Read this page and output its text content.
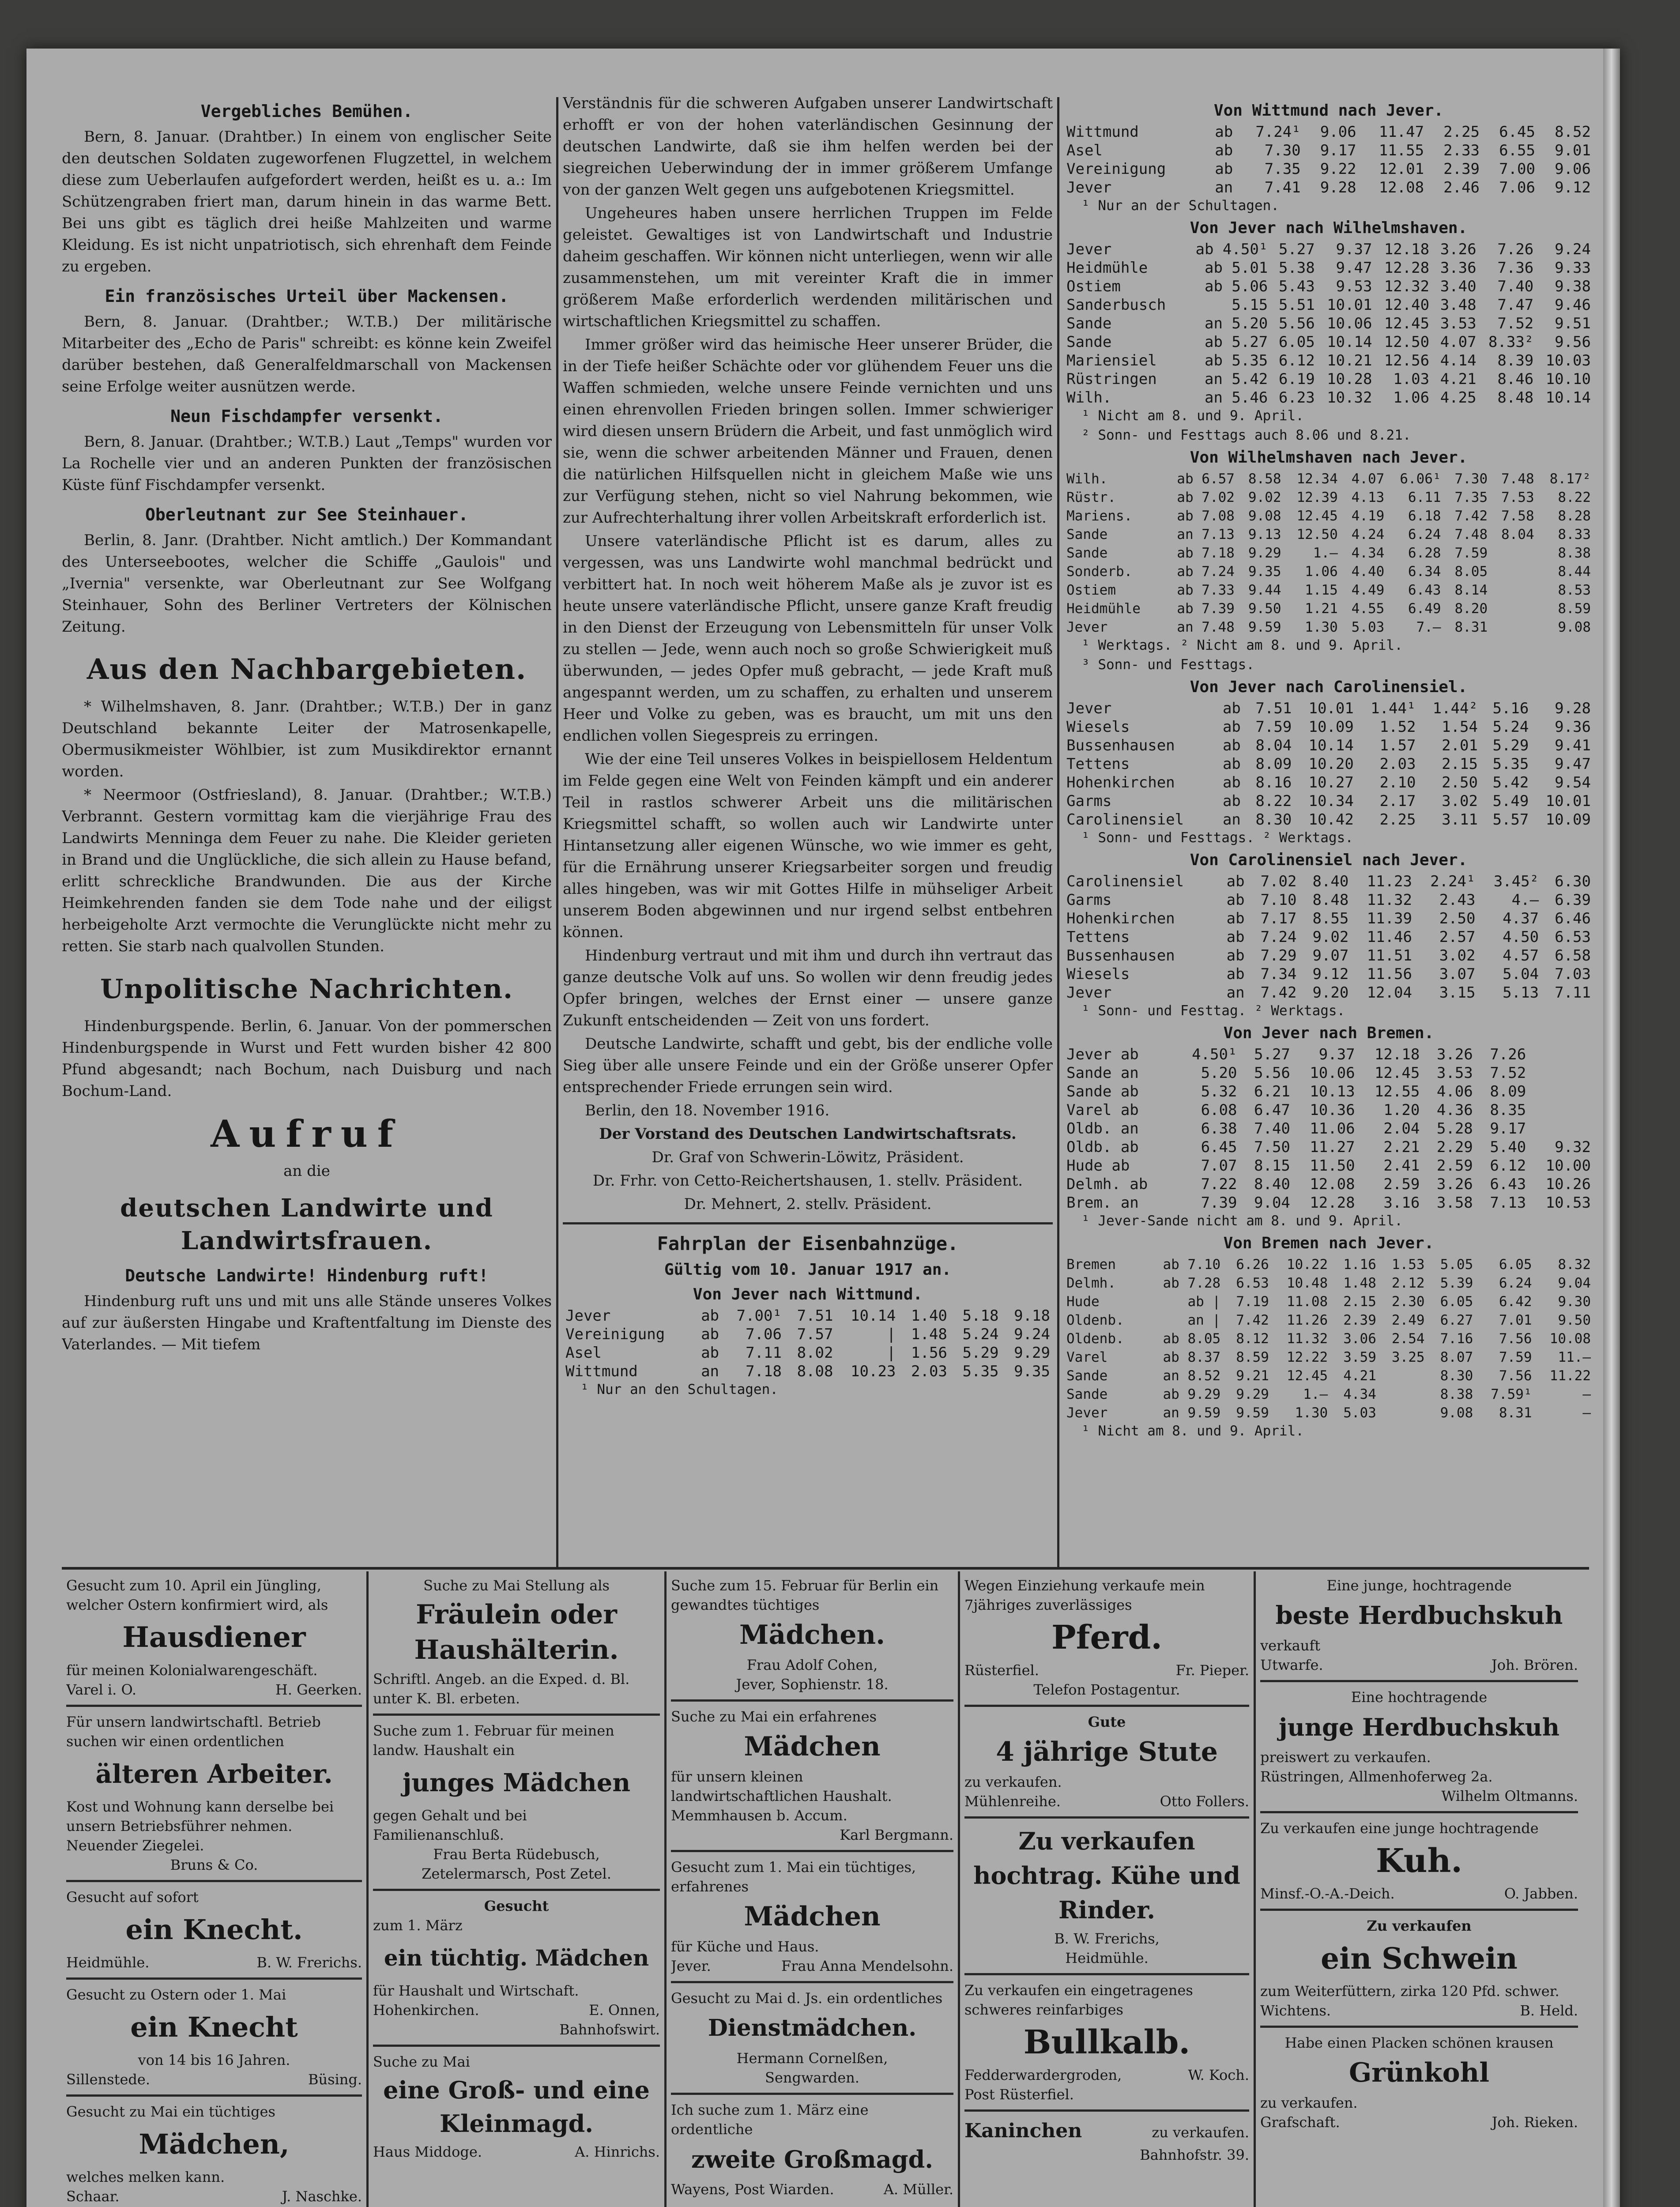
Vergebliches Bemühen.

Bern, 8. Januar. (Drahtber.) In einem von englischer Seite den deutschen Soldaten zugeworfenen Flugzettel, in welchem diese zum Ueberlaufen aufgefordert werden, heißt es u. a.: Im Schützengraben friert man, darum hinein in das warme Bett. Bei uns gibt es täglich drei heiße Mahlzeiten und warme Kleidung. Es ist nicht unpatriotisch, sich ehrenhaft dem Feinde zu ergeben.

Ein französisches Urteil über Mackensen.

Bern, 8. Januar. (Drahtber.; W.T.B.) Der militärische Mitarbeiter des „Echo de Paris" schreibt: es könne kein Zweifel darüber bestehen, daß Generalfeldmarschall von Mackensen seine Erfolge weiter ausnützen werde.

Neun Fischdampfer versenkt.

Bern, 8. Januar. (Drahtber.; W.T.B.) Laut „Temps" wurden vor La Rochelle vier und an anderen Punkten der französischen Küste fünf Fischdampfer versenkt.

Oberleutnant zur See Steinhauer.

Berlin, 8. Janr. (Drahtber. Nicht amtlich.) Der Kommandant des Unterseebootes, welcher die Schiffe „Gaulois" und „Ivernia" versenkte, war Oberleutnant zur See Wolfgang Steinhauer, Sohn des Berliner Vertreters der Kölnischen Zeitung.

Aus den Nachbargebieten.

* Wilhelmshaven, 8. Janr. (Drahtber.; W.T.B.) Der in ganz Deutschland bekannte Leiter der Matrosenkapelle, Obermusikmeister Wöhlbier, ist zum Musikdirektor ernannt worden.

* Neermoor (Ostfriesland), 8. Januar. (Drahtber.; W.T.B.) Verbrannt. Gestern vormittag kam die vierjährige Frau des Landwirts Menninga dem Feuer zu nahe. Die Kleider gerieten in Brand und die Unglückliche, die sich allein zu Hause befand, erlitt schreckliche Brandwunden. Die aus der Kirche Heimkehrenden fanden sie dem Tode nahe und der eiligst herbeigeholte Arzt vermochte die Verunglückte nicht mehr zu retten. Sie starb nach qualvollen Stunden.

Unpolitische Nachrichten.

Hindenburgspende. Berlin, 6. Januar. Von der pommerschen Hindenburgspende in Wurst und Fett wurden bisher 42 800 Pfund abgesandt; nach Bochum, nach Duisburg und nach Bochum-Land.

Aufruf
an die
deutschen Landwirte und Landwirtsfrauen.
Deutsche Landwirte! Hindenburg ruft!

Hindenburg ruft uns und mit uns alle Stände unseres Volkes auf zur äußersten Hingabe und Kraftentfaltung im Dienste des Vaterlandes. — Mit tiefem

Verständnis für die schweren Aufgaben unserer Landwirtschaft erhofft er von der hohen vaterländischen Gesinnung der deutschen Landwirte, daß sie ihm helfen werden bei der siegreichen Ueberwindung der in immer größerem Umfange von der ganzen Welt gegen uns aufgebotenen Kriegsmittel.

Ungeheures haben unsere herrlichen Truppen im Felde geleistet. Gewaltiges ist von Landwirtschaft und Industrie daheim geschaffen. Wir können nicht unterliegen, wenn wir alle zusammenstehen, um mit vereinter Kraft die in immer größerem Maße erforderlich werdenden militärischen und wirtschaftlichen Kriegsmittel zu schaffen.

Immer größer wird das heimische Heer unserer Brüder, die in der Tiefe heißer Schächte oder vor glühendem Feuer uns die Waffen schmieden, welche unsere Feinde vernichten und uns einen ehrenvollen Frieden bringen sollen. Immer schwieriger wird diesen unsern Brüdern die Arbeit, und fast unmöglich wird sie, wenn die schwer arbeitenden Männer und Frauen, denen die natürlichen Hilfsquellen nicht in gleichem Maße wie uns zur Verfügung stehen, nicht so viel Nahrung bekommen, wie zur Aufrechterhaltung ihrer vollen Arbeitskraft erforderlich ist.

Unsere vaterländische Pflicht ist es darum, alles zu vergessen, was uns Landwirte wohl manchmal bedrückt und verbittert hat. In noch weit höherem Maße als je zuvor ist es heute unsere vaterländische Pflicht, unsere ganze Kraft freudig in den Dienst der Erzeugung von Lebensmitteln für unser Volk zu stellen — Jede, wenn auch noch so große Schwierigkeit muß überwunden, — jedes Opfer muß gebracht, — jede Kraft muß angespannt werden, um zu schaffen, zu erhalten und unserem Heer und Volke zu geben, was es braucht, um mit uns den endlichen vollen Siegespreis zu erringen.

Wie der eine Teil unseres Volkes in beispiellosem Heldentum im Felde gegen eine Welt von Feinden kämpft und ein anderer Teil in rastlos schwerer Arbeit uns die militärischen Kriegsmittel schafft, so wollen auch wir Landwirte unter Hintansetzung aller eigenen Wünsche, wo wie immer es geht, für die Ernährung unserer Kriegsarbeiter sorgen und freudig alles hingeben, was wir mit Gottes Hilfe in mühseliger Arbeit unserem Boden abgewinnen und nur irgend selbst entbehren können.

Hindenburg vertraut und mit ihm und durch ihn vertraut das ganze deutsche Volk auf uns. So wollen wir denn freudig jedes Opfer bringen, welches der Ernst einer — unsere ganze Zukunft entscheidenden — Zeit von uns fordert.

Deutsche Landwirte, schafft und gebt, bis der endliche volle Sieg über alle unsere Feinde und ein der Größe unserer Opfer entsprechender Friede errungen sein wird.

Berlin, den 18. November 1916.

Der Vorstand des Deutschen Landwirtschaftsrats.
Dr. Graf von Schwerin-Löwitz, Präsident.
Dr. Frhr. von Cetto-Reichertshausen, 1. stellv. Präsident.
Dr. Mehnert, 2. stellv. Präsident.
Fahrplan der Eisenbahnzüge.
Gültig vom 10. Januar 1917 an.
Von Jever nach Wittmund.
Jever	ab	7.00¹	7.51	10.14	1.40	5.18	9.18
Vereinigung	ab	7.06	7.57	|	1.48	5.24	9.24
Asel	ab	7.11	8.02	|	1.56	5.29	9.29
Wittmund	an	7.18	8.08	10.23	2.03	5.35	9.35
¹ Nur an den Schultagen.
Von Wittmund nach Jever.
Wittmund	ab	7.24¹	9.06	11.47	2.25	6.45	8.52
Asel	ab	7.30	9.17	11.55	2.33	6.55	9.01
Vereinigung	ab	7.35	9.22	12.01	2.39	7.00	9.06
Jever	an	7.41	9.28	12.08	2.46	7.06	9.12
¹ Nur an der Schultagen.
Von Jever nach Wilhelmshaven.
Jever	ab 4.50¹	5.27	9.37	12.18	3.26	7.26	9.24
Heidmühle	ab 5.01	5.38	9.47	12.28	3.36	7.36	9.33
Ostiem	ab 5.06	5.43	9.53	12.32	3.40	7.40	9.38
Sanderbusch	5.15	5.51	10.01	12.40	3.48	7.47	9.46
Sande	an 5.20	5.56	10.06	12.45	3.53	7.52	9.51
Sande	ab 5.27	6.05	10.14	12.50	4.07	8.33²	9.56
Mariensiel	ab 5.35	6.12	10.21	12.56	4.14	8.39	10.03
Rüstringen	an 5.42	6.19	10.28	1.03	4.21	8.46	10.10
Wilh.	an 5.46	6.23	10.32	1.06	4.25	8.48	10.14
¹ Nicht am 8. und 9. April.
² Sonn- und Festtags auch 8.06 und 8.21.
Von Wilhelmshaven nach Jever.
Wilh.	ab 6.57	8.58	12.34	4.07	6.06¹	7.30	7.48	8.17²
Rüstr.	ab 7.02	9.02	12.39	4.13	6.11	7.35	7.53	8.22
Mariens.	ab 7.08	9.08	12.45	4.19	6.18	7.42	7.58	8.28
Sande	an 7.13	9.13	12.50	4.24	6.24	7.48	8.04	8.33
Sande	ab 7.18	9.29	1.—	4.34	6.28	7.59		8.38
Sonderb.	ab 7.24	9.35	1.06	4.40	6.34	8.05		8.44
Ostiem	ab 7.33	9.44	1.15	4.49	6.43	8.14		8.53
Heidmühle	ab 7.39	9.50	1.21	4.55	6.49	8.20		8.59
Jever	an 7.48	9.59	1.30	5.03	7.—	8.31		9.08
¹ Werktags. ² Nicht am 8. und 9. April.
³ Sonn- und Festtags.
Von Jever nach Carolinensiel.
Jever	ab	7.51	10.01	1.44¹	1.44²	5.16	9.28
Wiesels	ab	7.59	10.09	1.52	1.54	5.24	9.36
Bussenhausen	ab	8.04	10.14	1.57	2.01	5.29	9.41
Tettens	ab	8.09	10.20	2.03	2.15	5.35	9.47
Hohenkirchen	ab	8.16	10.27	2.10	2.50	5.42	9.54
Garms	ab	8.22	10.34	2.17	3.02	5.49	10.01
Carolinensiel	an	8.30	10.42	2.25	3.11	5.57	10.09
¹ Sonn- und Festtags. ² Werktags.
Von Carolinensiel nach Jever.
Carolinensiel	ab	7.02	8.40	11.23	2.24¹	3.45²	6.30
Garms	ab	7.10	8.48	11.32	2.43	4.—	6.39
Hohenkirchen	ab	7.17	8.55	11.39	2.50	4.37	6.46
Tettens	ab	7.24	9.02	11.46	2.57	4.50	6.53
Bussenhausen	ab	7.29	9.07	11.51	3.02	4.57	6.58
Wiesels	ab	7.34	9.12	11.56	3.07	5.04	7.03
Jever	an	7.42	9.20	12.04	3.15	5.13	7.11
¹ Sonn- und Festtag. ² Werktags.
Von Jever nach Bremen.
Jever ab	4.50¹	5.27	9.37	12.18	3.26	7.26	
Sande an	5.20	5.56	10.06	12.45	3.53	7.52	
Sande ab	5.32	6.21	10.13	12.55	4.06	8.09	
Varel ab	6.08	6.47	10.36	1.20	4.36	8.35	
Oldb. an	6.38	7.40	11.06	2.04	5.28	9.17	
Oldb. ab	6.45	7.50	11.27	2.21	2.29	5.40	9.32
Hude ab	7.07	8.15	11.50	2.41	2.59	6.12	10.00
Delmh. ab	7.22	8.40	12.08	2.59	3.26	6.43	10.26
Brem. an	7.39	9.04	12.28	3.16	3.58	7.13	10.53
¹ Jever-Sande nicht am 8. und 9. April.
Von Bremen nach Jever.
Bremen	ab 7.10	6.26	10.22	1.16	1.53	5.05	6.05	8.32
Delmh.	ab 7.28	6.53	10.48	1.48	2.12	5.39	6.24	9.04
Hude	ab |	7.19	11.08	2.15	2.30	6.05	6.42	9.30
Oldenb.	an |	7.42	11.26	2.39	2.49	6.27	7.01	9.50
Oldenb.	ab 8.05	8.12	11.32	3.06	2.54	7.16	7.56	10.08
Varel	ab 8.37	8.59	12.22	3.59	3.25	8.07	7.59	11.—
Sande	an 8.52	9.21	12.45	4.21		8.30	7.56	11.22
Sande	ab 9.29	9.29	1.—	4.34		8.38	7.59¹	—
Jever	an 9.59	9.59	1.30	5.03		9.08	8.31	—
¹ Nicht am 8. und 9. April.

Gesucht zum 10. April ein Jüngling, welcher Ostern konfirmiert wird, als

Hausdiener

für meinen Kolonialwarengeschäft.

Varel i. O.	H. Geerken.

Für unsern landwirtschaftl. Betrieb suchen wir einen ordentlichen

älteren Arbeiter.

Kost und Wohnung kann derselbe bei unsern Betriebsführer nehmen.

Neuender Ziegelei.

Bruns & Co.

Gesucht auf sofort

ein Knecht.
Heidmühle.	B. W. Frerichs.

Gesucht zu Ostern oder 1. Mai

ein Knecht

von 14 bis 16 Jahren.

Sillenstede.	Büsing.

Gesucht zu Mai ein tüchtiges

Mädchen,

welches melken kann.

Schaar.	J. Naschke.

Suche zu Mai Stellung als

Fräulein oder Haushälterin.

Schriftl. Angeb. an die Exped. d. Bl. unter K. Bl. erbeten.

Suche zum 1. Februar für meinen landw. Haushalt ein

junges Mädchen

gegen Gehalt und bei Familienanschluß.

Frau Berta Rüdebusch,

Zetelermarsch, Post Zetel.

Gesucht

zum 1. März

ein tüchtig. Mädchen

für Haushalt und Wirtschaft.

Hohenkirchen.	E. Onnen,

Bahnhofswirt.

Suche zu Mai

eine Groß- und eine Kleinmagd.
Haus Middoge.	A. Hinrichs.

Suche zum 15. Februar für Berlin ein gewandtes tüchtiges

Mädchen.

Frau Adolf Cohen,

Jever, Sophienstr. 18.

Suche zu Mai ein erfahrenes

Mädchen

für unsern kleinen landwirtschaftlichen Haushalt.

Memmhausen b. Accum.

Karl Bergmann.

Gesucht zum 1. Mai ein tüchtiges, erfahrenes

Mädchen

für Küche und Haus.

Jever.	Frau Anna Mendelsohn.

Gesucht zu Mai d. Js. ein ordentliches

Dienstmädchen.

Hermann Cornelßen,

Sengwarden.

Ich suche zum 1. März eine ordentliche

zweite Großmagd.
Wayens, Post Wiarden.	A. Müller.

Wegen Einziehung verkaufe mein 7jähriges zuverlässiges

Pferd.
Rüsterfiel.	Fr. Pieper.

Telefon Postagentur.

Gute

4 jährige Stute

zu verkaufen.

Mühlenreihe.	Otto Follers.
Zu verkaufen hochtrag. Kühe und Rinder.

B. W. Frerichs,

Heidmühle.

Zu verkaufen ein eingetragenes schweres reinfarbiges

Bullkalb.
Fedderwardergroden,	W. Koch.

Post Rüsterfiel.

Kaninchen	zu verkaufen.

Bahnhofstr. 39.

Eine junge, hochtragende

beste Herdbuchskuh

verkauft

Utwarfe.	Joh. Brören.

Eine hochtragende

junge Herdbuchskuh

preiswert zu verkaufen.

Rüstringen, Allmenhoferweg 2a.

Wilhelm Oltmanns.

Zu verkaufen eine junge hochtragende

Kuh.
Minsf.-O.-A.-Deich.	O. Jabben.

Zu verkaufen

ein Schwein

zum Weiterfüttern, zirka 120 Pfd. schwer.

Wichtens.	B. Held.

Habe einen Placken schönen krausen

Grünkohl

zu verkaufen.

Grafschaft.	Joh. Rieken.
